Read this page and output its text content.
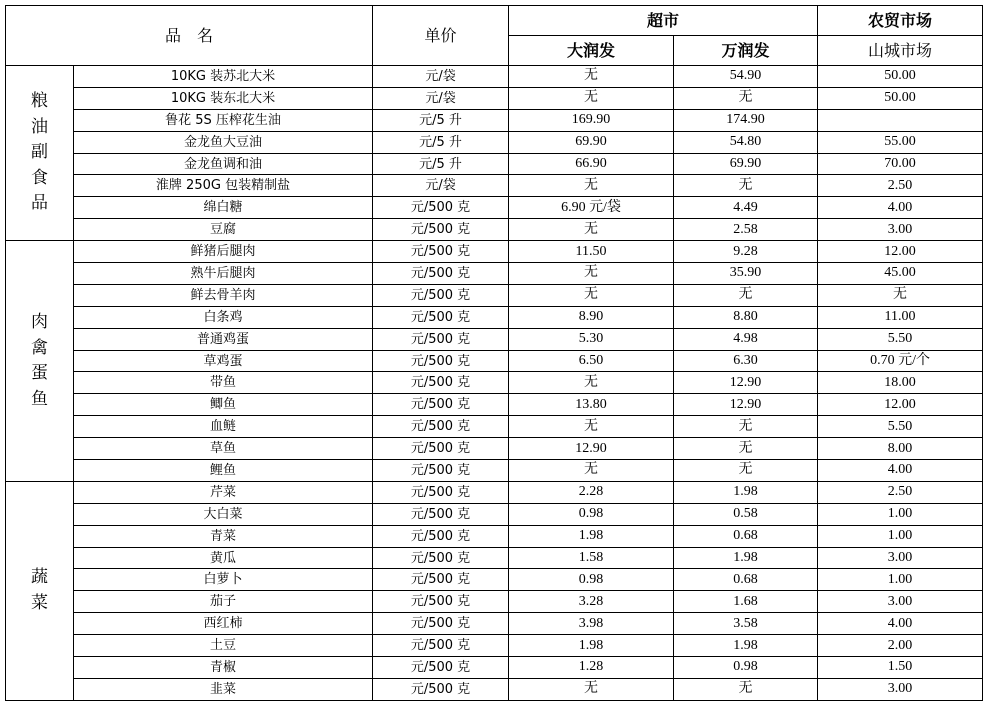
品　名		单价	超市		农贸市场
			大润发	万润发	山城市场
粮油副食品	10KG 装苏北大米	元/袋	无	54.90	50.00
	10KG 装东北大米	元/袋	无	无	50.00
	鲁花 5S 压榨花生油	元/5 升	169.90	174.90	
	金龙鱼大豆油	元/5 升	69.90	54.80	55.00
	金龙鱼调和油	元/5 升	66.90	69.90	70.00
	淮牌 250G 包装精制盐	元/袋	无	无	2.50
	绵白糖	元/500 克	6.90 元/袋	4.49	4.00
	豆腐	元/500 克	无	2.58	3.00
肉禽蛋鱼	鲜猪后腿肉	元/500 克	11.50	9.28	12.00
	熟牛后腿肉	元/500 克	无	35.90	45.00
	鲜去骨羊肉	元/500 克	无	无	无
	白条鸡	元/500 克	8.90	8.80	11.00
	普通鸡蛋	元/500 克	5.30	4.98	5.50
	草鸡蛋	元/500 克	6.50	6.30	0.70 元/个
	带鱼	元/500 克	无	12.90	18.00
	鲫鱼	元/500 克	13.80	12.90	12.00
	血鲢	元/500 克	无	无	5.50
	草鱼	元/500 克	12.90	无	8.00
	鲤鱼	元/500 克	无	无	4.00
蔬菜	芹菜	元/500 克	2.28	1.98	2.50
	大白菜	元/500 克	0.98	0.58	1.00
	青菜	元/500 克	1.98	0.68	1.00
	黄瓜	元/500 克	1.58	1.98	3.00
	白萝卜	元/500 克	0.98	0.68	1.00
	茄子	元/500 克	3.28	1.68	3.00
	西红柿	元/500 克	3.98	3.58	4.00
	土豆	元/500 克	1.98	1.98	2.00
	青椒	元/500 克	1.28	0.98	1.50
	韭菜	元/500 克	无	无	3.00
